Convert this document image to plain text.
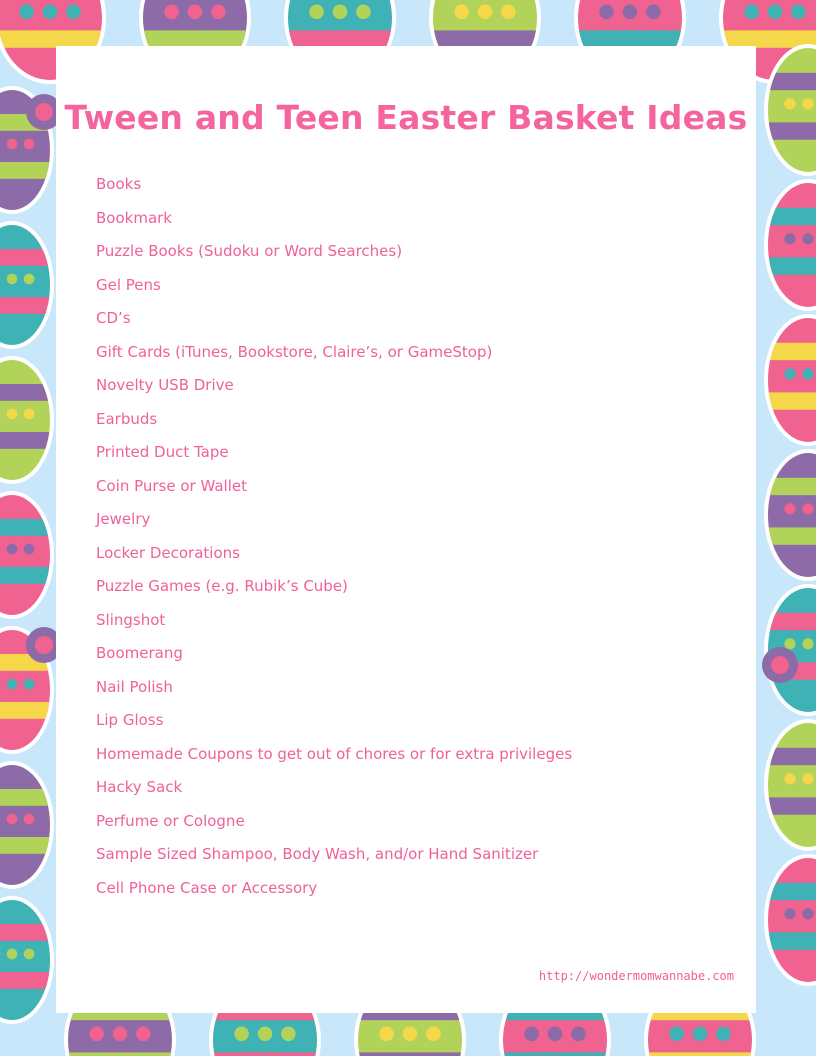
Tween and Teen Easter Basket Ideas
Books
Bookmark
Puzzle Books (Sudoku or Word Searches)
Gel Pens
CD’s
Gift Cards (iTunes, Bookstore, Claire’s, or GameStop)
Novelty USB Drive
Earbuds
Printed Duct Tape
Coin Purse or Wallet
Jewelry
Locker Decorations
Puzzle Games (e.g. Rubik’s Cube)
Slingshot
Boomerang
Nail Polish
Lip Gloss
Homemade Coupons to get out of chores or for extra privileges
Hacky Sack
Perfume or Cologne
Sample Sized Shampoo, Body Wash, and/or Hand Sanitizer
Cell Phone Case or Accessory
http://wondermomwannabe.com
